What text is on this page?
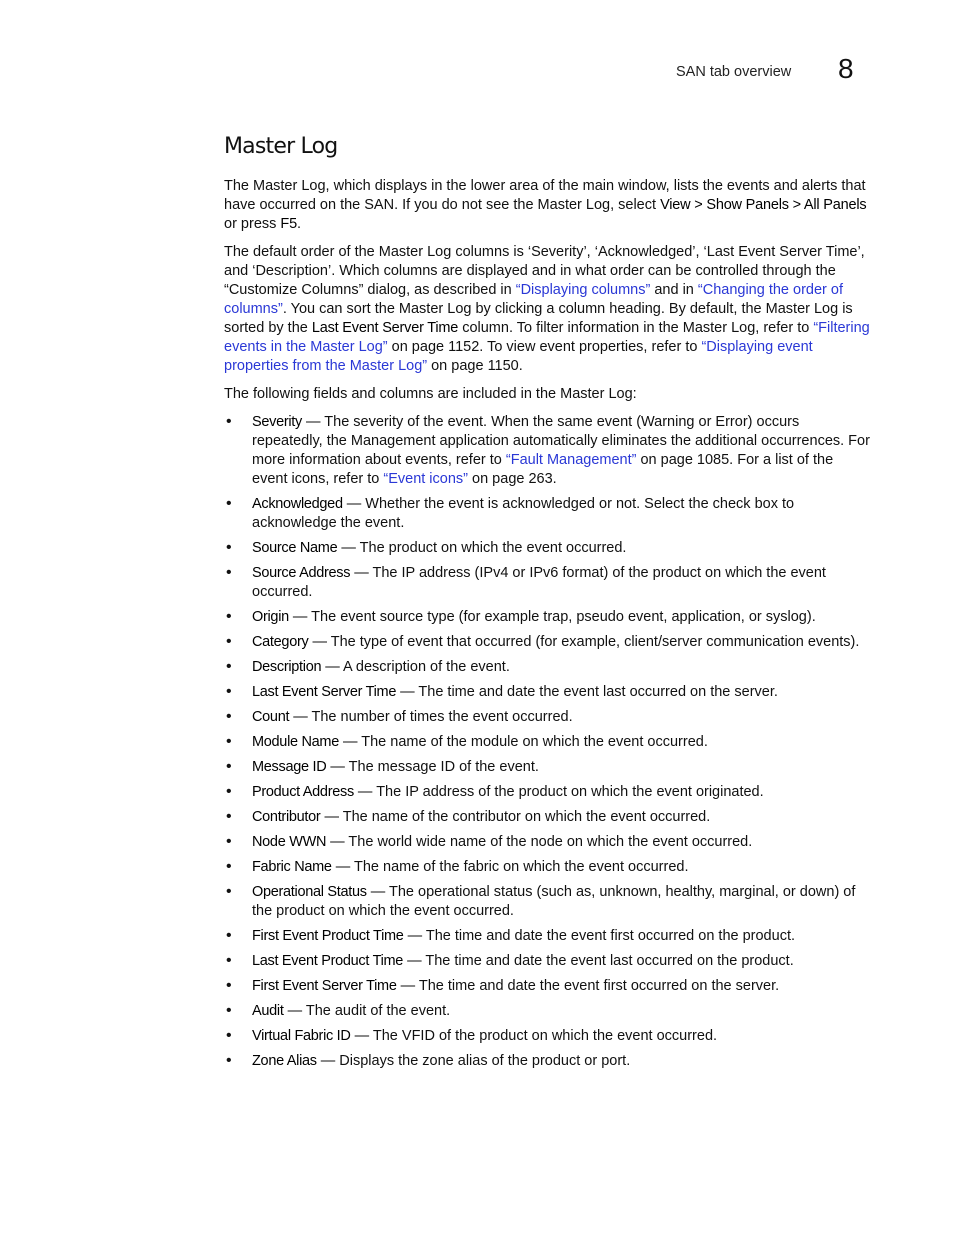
SAN tab overview 8
Master Log

The Master Log, which displays in the lower area of the main window, lists the events and alerts that have occurred on the SAN. If you do not see the Master Log, select View > Show Panels > All Panels or press F5.

The default order of the Master Log columns is ‘Severity’, ‘Acknowledged’, ‘Last Event Server Time’, and ‘Description’. Which columns are displayed and in what order can be controlled through the “Customize Columns” dialog, as described in “Displaying columns” and in “Changing the order of columns”. You can sort the Master Log by clicking a column heading. By default, the Master Log is sorted by the Last Event Server Time column. To filter information in the Master Log, refer to “Filtering events in the Master Log” on page 1152. To view event properties, refer to “Displaying event properties from the Master Log” on page 1150.

The following fields and columns are included in the Master Log:

• Severity — The severity of the event. When the same event (Warning or Error) occurs repeatedly, the Management application automatically eliminates the additional occurrences. For more information about events, refer to “Fault Management” on page 1085. For a list of the event icons, refer to “Event icons” on page 263.
• Acknowledged — Whether the event is acknowledged or not. Select the check box to acknowledge the event.
• Source Name — The product on which the event occurred.
• Source Address — The IP address (IPv4 or IPv6 format) of the product on which the event occurred.
• Origin — The event source type (for example trap, pseudo event, application, or syslog).
• Category — The type of event that occurred (for example, client/server communication events).
• Description — A description of the event.
• Last Event Server Time — The time and date the event last occurred on the server.
• Count — The number of times the event occurred.
• Module Name — The name of the module on which the event occurred.
• Message ID — The message ID of the event.
• Product Address — The IP address of the product on which the event originated.
• Contributor — The name of the contributor on which the event occurred.
• Node WWN — The world wide name of the node on which the event occurred.
• Fabric Name — The name of the fabric on which the event occurred.
• Operational Status — The operational status (such as, unknown, healthy, marginal, or down) of the product on which the event occurred.
• First Event Product Time — The time and date the event first occurred on the product.
• Last Event Product Time — The time and date the event last occurred on the product.
• First Event Server Time — The time and date the event first occurred on the server.
• Audit — The audit of the event.
• Virtual Fabric ID — The VFID of the product on which the event occurred.
• Zone Alias — Displays the zone alias of the product or port.
